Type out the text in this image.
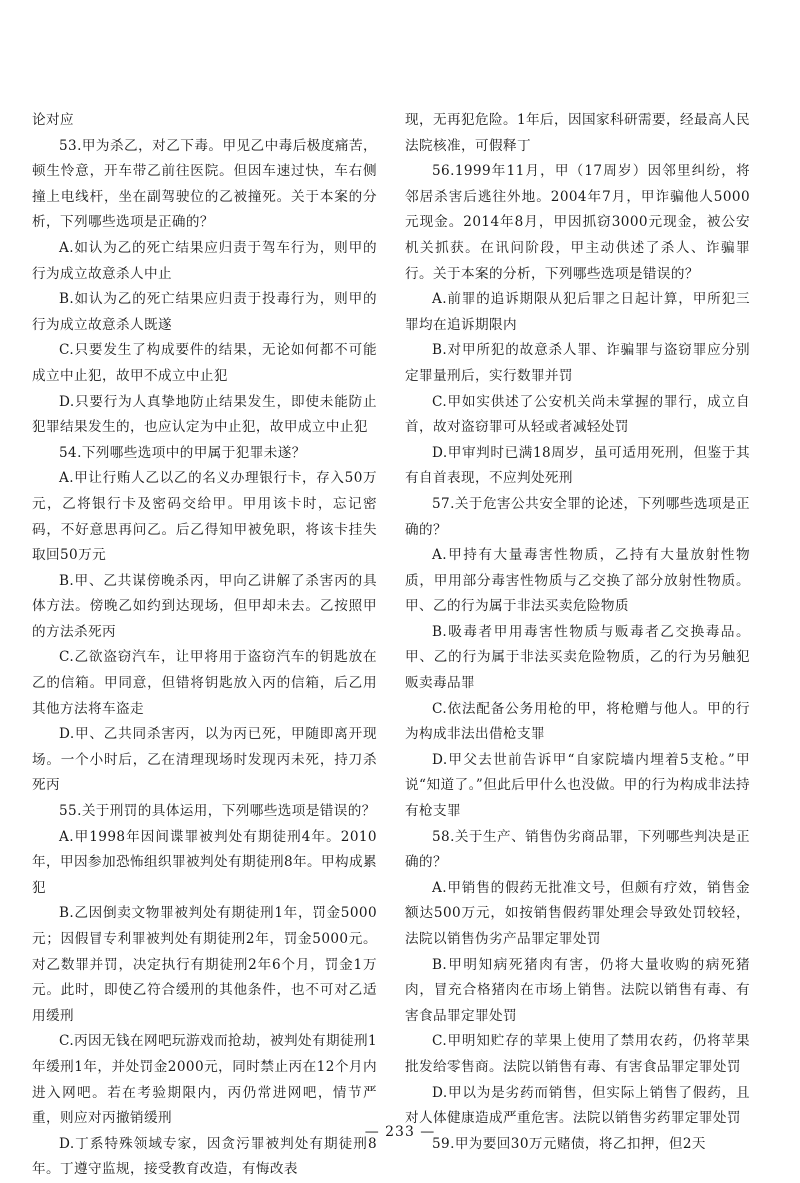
论对应

53.甲为杀乙，对乙下毒。甲见乙中毒后极度痛苦，顿生怜意，开车带乙前往医院。但因车速过快，车右侧撞上电线杆，坐在副驾驶位的乙被撞死。关于本案的分析，下列哪些选项是正确的？

A.如认为乙的死亡结果应归责于驾车行为，则甲的行为成立故意杀人中止

B.如认为乙的死亡结果应归责于投毒行为，则甲的行为成立故意杀人既遂

C.只要发生了构成要件的结果，无论如何都不可能成立中止犯，故甲不成立中止犯

D.只要行为人真挚地防止结果发生，即使未能防止犯罪结果发生的，也应认定为中止犯，故甲成立中止犯

54.下列哪些选项中的甲属于犯罪未遂？

A.甲让行贿人乙以乙的名义办理银行卡，存入50万元，乙将银行卡及密码交给甲。甲用该卡时，忘记密码，不好意思再问乙。后乙得知甲被免职，将该卡挂失取回50万元

B.甲、乙共谋傍晚杀丙，甲向乙讲解了杀害丙的具体方法。傍晚乙如约到达现场，但甲却未去。乙按照甲的方法杀死丙

C.乙欲盗窃汽车，让甲将用于盗窃汽车的钥匙放在乙的信箱。甲同意，但错将钥匙放入丙的信箱，后乙用其他方法将车盗走

D.甲、乙共同杀害丙，以为丙已死，甲随即离开现场。一个小时后，乙在清理现场时发现丙未死，持刀杀死丙

55.关于刑罚的具体运用，下列哪些选项是错误的？

A.甲1998年因间谍罪被判处有期徒刑4年。2010年，甲因参加恐怖组织罪被判处有期徒刑8年。甲构成累犯

B.乙因倒卖文物罪被判处有期徒刑1年，罚金5000元；因假冒专利罪被判处有期徒刑2年，罚金5000元。对乙数罪并罚，决定执行有期徒刑2年6个月，罚金1万元。此时，即使乙符合缓刑的其他条件，也不可对乙适用缓刑

C.丙因无钱在网吧玩游戏而抢劫，被判处有期徒刑1年缓刑1年，并处罚金2000元，同时禁止丙在12个月内进入网吧。若在考验期限内，丙仍常进网吧，情节严重，则应对丙撤销缓刑

D.丁系特殊领域专家，因贪污罪被判处有期徒刑8年。丁遵守监规，接受教育改造，有悔改表

现，无再犯危险。1年后，因国家科研需要，经最高人民法院核准，可假释丁

56.1999年11月，甲（17周岁）因邻里纠纷，将邻居杀害后逃往外地。2004年7月，甲诈骗他人5000元现金。2014年8月，甲因抓窃3000元现金，被公安机关抓获。在讯问阶段，甲主动供述了杀人、诈骗罪行。关于本案的分析，下列哪些选项是错误的？

A.前罪的追诉期限从犯后罪之日起计算，甲所犯三罪均在追诉期限内

B.对甲所犯的故意杀人罪、诈骗罪与盗窃罪应分别定罪量刑后，实行数罪并罚

C.甲如实供述了公安机关尚未掌握的罪行，成立自首，故对盗窃罪可从轻或者减轻处罚

D.甲审判时已满18周岁，虽可适用死刑，但鉴于其有自首表现，不应判处死刑

57.关于危害公共安全罪的论述，下列哪些选项是正确的？

A.甲持有大量毒害性物质，乙持有大量放射性物质，甲用部分毒害性物质与乙交换了部分放射性物质。甲、乙的行为属于非法买卖危险物质

B.吸毒者甲用毒害性物质与贩毒者乙交换毒品。甲、乙的行为属于非法买卖危险物质，乙的行为另触犯贩卖毒品罪

C.依法配备公务用枪的甲，将枪赠与他人。甲的行为构成非法出借枪支罪

D.甲父去世前告诉甲“自家院墙内埋着5支枪。”甲说“知道了。”但此后甲什么也没做。甲的行为构成非法持有枪支罪

58.关于生产、销售伪劣商品罪，下列哪些判决是正确的？

A.甲销售的假药无批准文号，但颇有疗效，销售金额达500万元，如按销售假药罪处理会导致处罚较轻，法院以销售伪劣产品罪定罪处罚

B.甲明知病死猪肉有害，仍将大量收购的病死猪肉，冒充合格猪肉在市场上销售。法院以销售有毒、有害食品罪定罪处罚

C.甲明知贮存的苹果上使用了禁用农药，仍将苹果批发给零售商。法院以销售有毒、有害食品罪定罪处罚

D.甲以为是劣药而销售，但实际上销售了假药，且对人体健康造成严重危害。法院以销售劣药罪定罪处罚

59.甲为要回30万元赌债，将乙扣押，但2天

— 233 —
